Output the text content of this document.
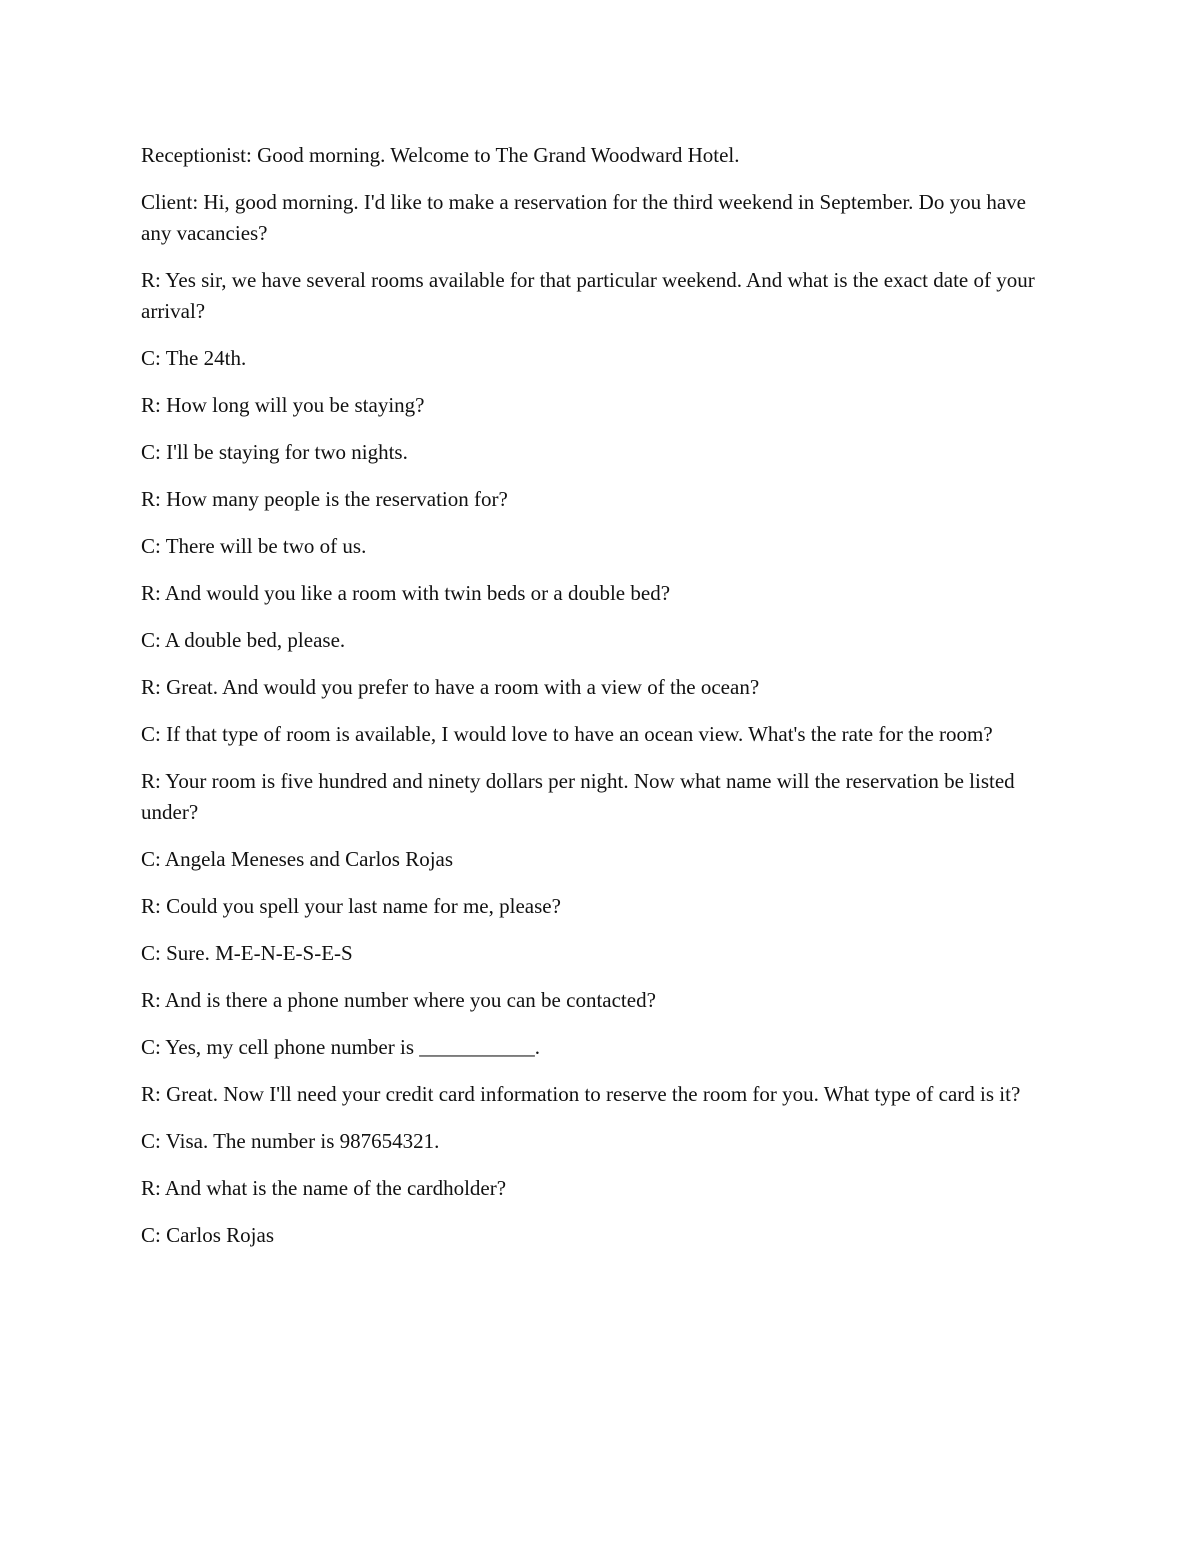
Receptionist: Good morning. Welcome to The Grand Woodward Hotel.

Client: Hi, good morning. I'd like to make a reservation for the third weekend in September. Do you have any vacancies?

R: Yes sir, we have several rooms available for that particular weekend. And what is the exact date of your arrival?

C: The 24th.

R: How long will you be staying?

C: I'll be staying for two nights.

R: How many people is the reservation for?

C: There will be two of us.

R: And would you like a room with twin beds or a double bed?

C: A double bed, please.

R: Great. And would you prefer to have a room with a view of the ocean?

C: If that type of room is available, I would love to have an ocean view. What's the rate for the room?

R: Your room is five hundred and ninety dollars per night. Now what name will the reservation be listed under?

C: Angela Meneses and Carlos Rojas

R: Could you spell your last name for me, please?

C: Sure. M-E-N-E-S-E-S

R: And is there a phone number where you can be contacted?

C: Yes, my cell phone number is ___________.

R: Great. Now I'll need your credit card information to reserve the room for you. What type of card is it?

C: Visa. The number is 987654321.

R: And what is the name of the cardholder?

C: Carlos Rojas
